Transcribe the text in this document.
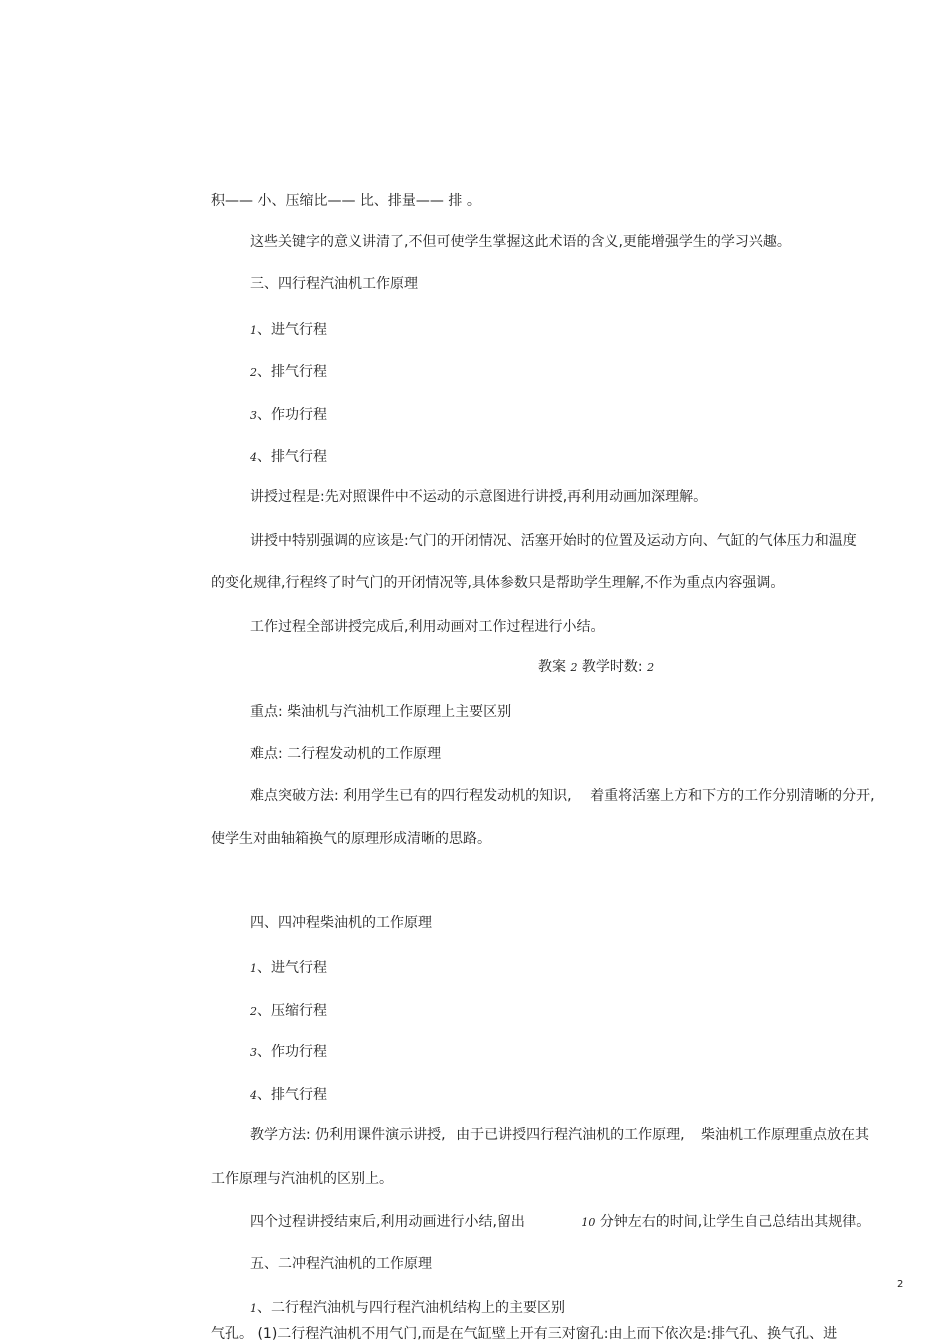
积—— 小、压缩比—— 比、排量—— 排 。

这些关键字的意义讲清了,不但可使学生掌握这此术语的含义,更能增强学生的学习兴趣。

三、四行程汽油机工作原理

1、进气行程

2、排气行程

3、作功行程

4、排气行程

讲授过程是:先对照课件中不运动的示意图进行讲授,再利用动画加深理解。

讲授中特别强调的应该是:气门的开闭情况、活塞开始时的位置及运动方向、气缸的气体压力和温度

的变化规律,行程终了时气门的开闭情况等,具体参数只是帮助学生理解,不作为重点内容强调。

工作过程全部讲授完成后,利用动画对工作过程进行小结。

教案 2 教学时数: 2

重点: 柴油机与汽油机工作原理上主要区别

难点: 二行程发动机的工作原理

难点突破方法: 利用学生已有的四行程发动机的知识, 着重将活塞上方和下方的工作分别清晰的分开,

使学生对曲轴箱换气的原理形成清晰的思路。

四、四冲程柴油机的工作原理

1、进气行程

2、压缩行程

3、作功行程

4、排气行程

教学方法: 仍利用课件演示讲授, 由于已讲授四行程汽油机的工作原理, 柴油机工作原理重点放在其

工作原理与汽油机的区别上。

四个过程讲授结束后,利用动画进行小结,留出	10 分钟左右的时间,让学生自己总结出其规律。

五、二冲程汽油机的工作原理

2

1、二行程汽油机与四行程汽油机结构上的主要区别

气孔。 (1)二行程汽油机不用气门,而是在气缸壁上开有三对窗孔:由上而下依次是:排气孔、换气孔、进
